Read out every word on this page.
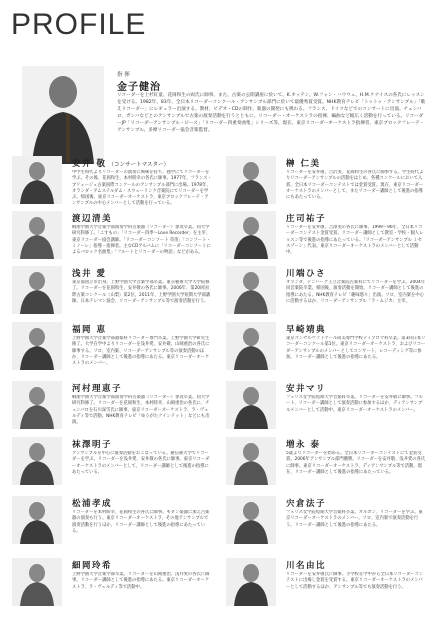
PROFILE
指 揮
金子健治
リコーダーを上杉紅童、花岡和生の両氏に師事。また、古楽の公開講座に於いて、K.オッテン、W.フォン・ハウウェ、H.M.ケナイスの各氏にレッスンを受ける。1982年、83年、全日本リコーダーコンクール・アンサンブル部門に於いて最優秀賞受賞。NHK教育テレビ「トゥトゥ・アンサンブル」「歌えリコーダー」にレギュラー出演する。教材、ビデオ・CDの制作、楽器の開発にも携わる。フランス、ドイツなどでのコンサートに出演。チェンバロ、ガンバなどとのアンサンブルで古楽の演奏活動を行うとともに、リコーダー・オーケストラの指揮、編曲など幅広く活動を行っている。リコーダーJP「リコーダーアンサンブル・ピース」「リコーダー四重奏曲集」シリーズ等、現在、東京リコーダーオーケストラ指揮者、東京ブロックフレーテ・アンサンブル、多摩リコーダー協会音楽監督。
安井 敬 （コンサートマスター）
中学生時代よりリコーダーの演奏に興味を持ち、独学にてリコーダーを学ぶ。その後、花岡和生、本村睦幸の各氏に師事。1977年、フランス・ブリュージュ古楽国際コンクールのアンサンブル部門に出場。1978年、オランダ・アムステルダム・スウェーリンク音楽院にてリコーダーを学ぶ。帰国後、東京リコーダーオーケストラ、東京ブロックフレーテ・アンサンブルの中心メンバーとして活動を行っている。
渡辺清美
桐朋学園大学音楽学部演奏学科古楽器（リコーダー）専攻卒業。同大学研究科修了。「こすもの」「リコーダー四季～Love Recorder」を主宰、東京リコーダー協会講師。「リコーダーコンソート 草笛」「コンソート・ミノーレ」指導・指揮者。主なCDアルバムに「リコーダーコンソートによるバロック名曲集」「フルートとリコーダーの物語」などがある。
浅井 愛
東京都国立市出身。上野学園大学音楽学部卒業。東京藝術大学大学院修了。リコーダーを花岡和生、安井敬の各氏に師事。2006年、第20回国際古楽コンクール〈山梨〉第2位。2011年、上野学園大学短期大学部講師。日本テレマン協会、リコーダーアンサンブル等で演奏活動を行う。
福岡 恵
上野学園大学音楽学部器楽科リコーダー専門卒業。上野学園大学研究生修了。大学在学中よりリコーダーを浅井愛、安井敬、山岡重治の各氏に師事する。ソロ、室内楽、リコーダーアンサンブル等の演奏活動のほか、リコーダー講師として後進の指導にあたる。東京リコーダーオーケストラのメンバー。
河村理恵子
桐朋学園大学音楽学部演奏学科古楽器（リコーダー）専攻卒業。同大学研究科修了。リコーダーを花岡和生、本村睦幸、山岡重治の各氏に、チェンバロを石川深雪氏に師事。東京リコーダーオーケストラ、ラ・ヴェルディ等で活動。NHK教育テレビ「ゆうがたクインテット」などにも出演。
袜澤明子
アンサンブルを中心に演奏活動をおこなっている。通信制大学でリコーダーを学ぶ。リコーダーを浅井愛、安井敬の各氏に師事。東京リコーダーオーケストラのメンバーとして、リコーダー講師として後進の指導にあたっている。
松浦孝成
リコーダーを本村睦幸、花岡和生の各氏に師事。モダン楽器に加え古楽器の演奏も行う。東京リコーダーオーケストラ、その他アンサンブルで演奏活動を行うほか、リコーダー講師として後進の指導にあたっている。
細岡玲希
上野学園大学音楽学部卒業。リコーダーを山岡重治、浅井愛の各氏に師事。リコーダー講師として後進の指導にあたる。東京リコーダーオーケストラ、ラ・ヴェルディ等で活動中。
榊 仁美
リコーダーを安井敬、吉沢実、花岡和生の各氏に師事する。学生時代よりリコーダーアンサンブルの活動をはじめ、各種コンクールにおいて入賞。全日本リコーダーコンテストでは金賞受賞。現在、東京リコーダーオーケストラのメンバーとして、またリコーダー講師として後進の指導にもあたっている。
庄司祐子
リコーダーを安井敬、吉澤実の各氏に師事。1999～96年、全日本リコーダーコンテスト金賞受賞。リコーダー講師として教室・学校・個人レッスン等で後進の指導にあたっている。「リコーダーアンサンブル ミセスゾーン」代表。東京リコーダーオーケストラのメンバーとして活動中。
川端ひさ
オランダ、デンハーグ王立音楽院古楽科にてリコーダーを学ぶ。2004年同音楽院卒業。帰国後、演奏活動を開始。リコーダー講師として後進の指導にあたる。NHK教育テレビ「趣味悠々」出演。ソロ、室内楽を中心に活動するほか、リコーダーアンサンブル「ラ・ムジカ」主宰。
早崎靖典
東京コンセルヴァトアール尚美専門学校ディプロマ科卒業。第3回日本リコーダーコンクール第1位。東京リコーダーオーケストラ、およびリコーダーアンサンブルのメンバーとしてコンサート、レコーディング等に参加。リコーダー講師として後進の指導にあたる。
安井マリ
フェリス女学院短期大学音楽科卒業。リコーダーを安井敬に師事。フルート、リコーダー講師として演奏活動に参加するほか、ディアンサンブルメンバーとして活動中。東京リコーダーオーケストラのメンバー。
増永 泰
5歳よりリコーダーを始める。全日本リコーダーコンテストにて金賞受賞。2006年アンサンブル部門優勝。リコーダーを安井敬、浅井愛の各氏に師事。東京リコーダーオーケストラ、ディアンサンブル等で活動。現在、リコーダー講師として後進の指導にあたっている。
宍倉法子
フェリス女学院短期大学音楽科卒業。オルガン、リコーダーを学ぶ。東京リコーダーオーケストラのメンバー。ソロ、室内楽で演奏活動を行う。リコーダー講師として後進の指導にあたる。
川名由比
リコーダーを安井敬氏に師事。小学校在学中から全日本リコーダーコンテストに出場し金賞を受賞する。東京リコーダーオーケストラのメンバーとして活動するほか、アンサンブル等でも演奏活動を行う。
